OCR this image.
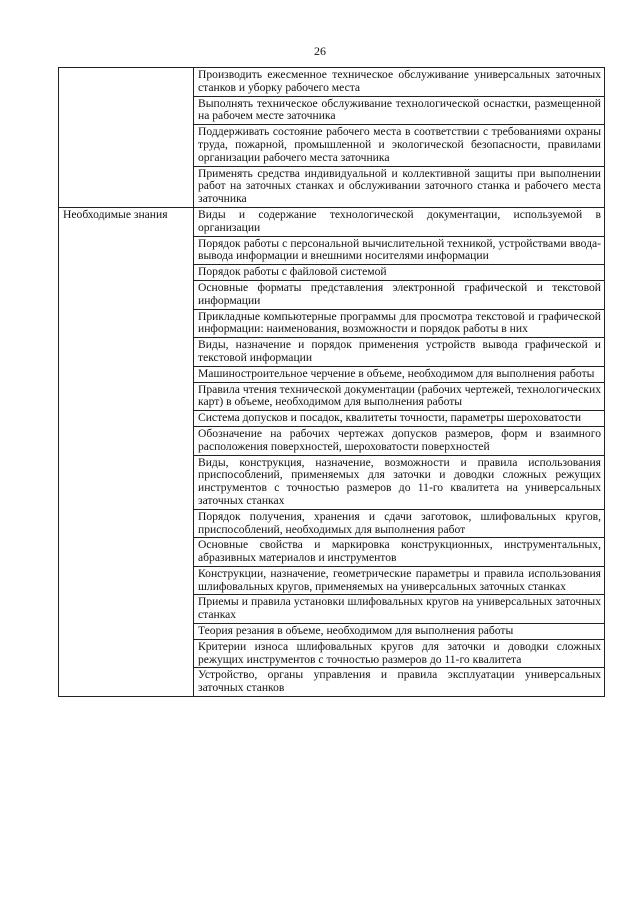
26
	Производить ежесменное техническое обслуживание универсальных заточных станков и уборку рабочего места
	Выполнять техническое обслуживание технологической оснастки, размещенной на рабочем месте заточника
	Поддерживать состояние рабочего места в соответствии с требованиями охраны труда, пожарной, промышленной и экологической безопасности, правилами организации рабочего места заточника
	Применять средства индивидуальной и коллективной защиты при выполнении работ на заточных станках и обслуживании заточного станка и рабочего места заточника
Необходимые знания	Виды и содержание технологической документации, используемой в организации
	Порядок работы с персональной вычислительной техникой, устройствами ввода-вывода информации и внешними носителями информации
	Порядок работы с файловой системой
	Основные форматы представления электронной графической и текстовой информации
	Прикладные компьютерные программы для просмотра текстовой и графической информации: наименования, возможности и порядок работы в них
	Виды, назначение и порядок применения устройств вывода графической и текстовой информации
	Машиностроительное черчение в объеме, необходимом для выполнения работы
	Правила чтения технической документации (рабочих чертежей, технологических карт) в объеме, необходимом для выполнения работы
	Система допусков и посадок, квалитеты точности, параметры шероховатости
	Обозначение на рабочих чертежах допусков размеров, форм и взаимного расположения поверхностей, шероховатости поверхностей
	Виды, конструкция, назначение, возможности и правила использования приспособлений, применяемых для заточки и доводки сложных режущих инструментов с точностью размеров до 11-го квалитета на универсальных заточных станках
	Порядок получения, хранения и сдачи заготовок, шлифовальных кругов, приспособлений, необходимых для выполнения работ
	Основные свойства и маркировка конструкционных, инструментальных, абразивных материалов и инструментов
	Конструкции, назначение, геометрические параметры и правила использования шлифовальных кругов, применяемых на универсальных заточных станках
	Приемы и правила установки шлифовальных кругов на универсальных заточных станках
	Теория резания в объеме, необходимом для выполнения работы
	Критерии износа шлифовальных кругов для заточки и доводки сложных режущих инструментов с точностью размеров до 11-го квалитета
	Устройство, органы управления и правила эксплуатации универсальных заточных станков
